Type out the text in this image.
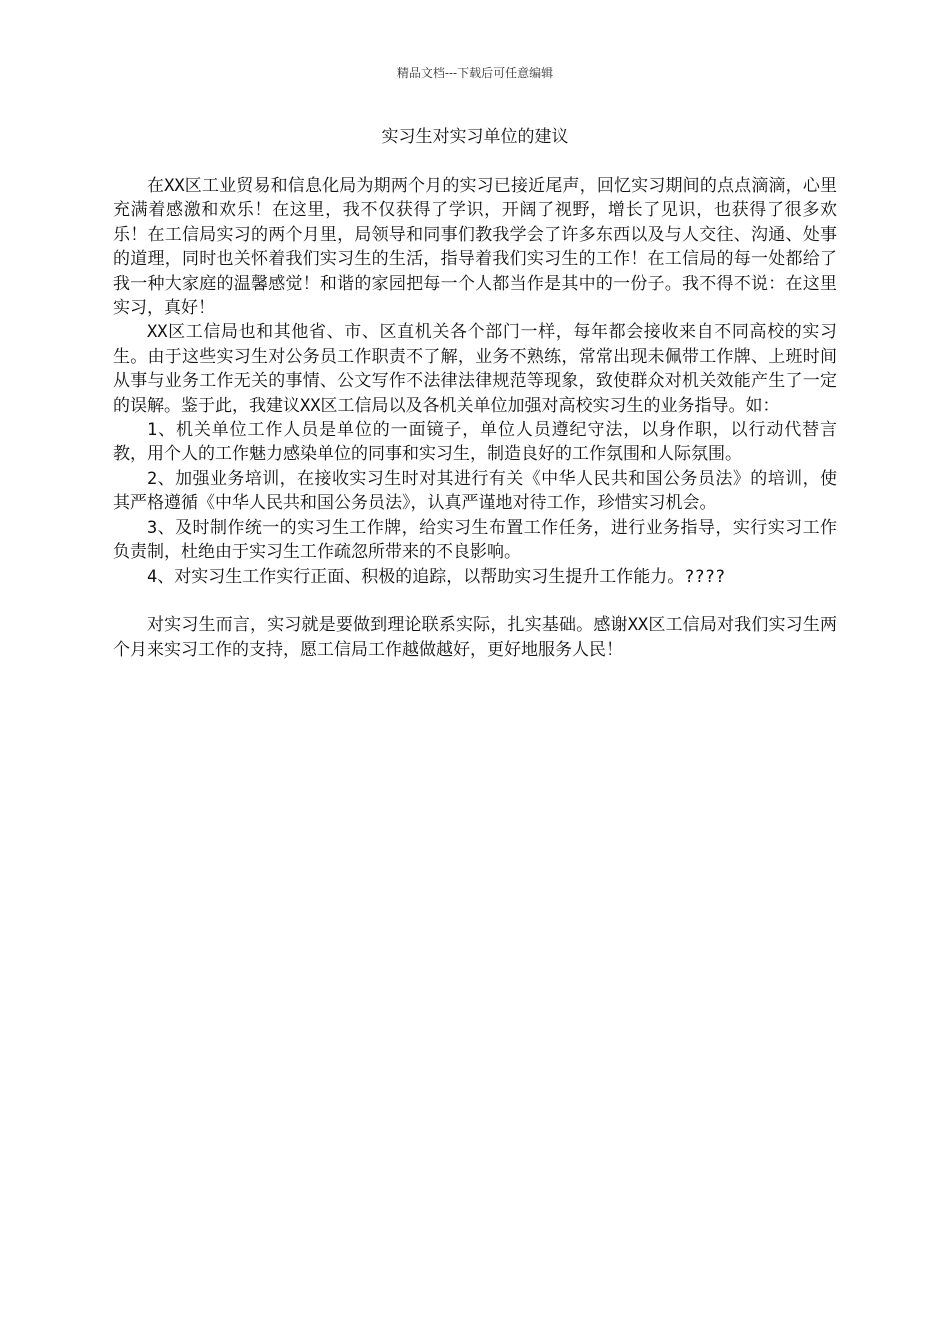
精品文档---下载后可任意编辑
实习生对实习单位的建议

在XX区工业贸易和信息化局为期两个月的实习已接近尾声，回忆实习期间的点点滴滴，心里充满着感激和欢乐！在这里，我不仅获得了学识，开阔了视野，增长了见识，也获得了很多欢乐！在工信局实习的两个月里，局领导和同事们教我学会了许多东西以及与人交往、沟通、处事的道理，同时也关怀着我们实习生的生活，指导着我们实习生的工作！在工信局的每一处都给了我一种大家庭的温馨感觉！和谐的家园把每一个人都当作是其中的一份子。我不得不说：在这里实习，真好！

XX区工信局也和其他省、市、区直机关各个部门一样，每年都会接收来自不同高校的实习生。由于这些实习生对公务员工作职责不了解，业务不熟练，常常出现未佩带工作牌、上班时间从事与业务工作无关的事情、公文写作不法律法律规范等现象，致使群众对机关效能产生了一定的误解。鉴于此，我建议XX区工信局以及各机关单位加强对高校实习生的业务指导。如：

1、机关单位工作人员是单位的一面镜子，单位人员遵纪守法，以身作职，以行动代替言教，用个人的工作魅力感染单位的同事和实习生，制造良好的工作氛围和人际氛围。

2、加强业务培训，在接收实习生时对其进行有关《中华人民共和国公务员法》的培训，使其严格遵循《中华人民共和国公务员法》，认真严谨地对待工作，珍惜实习机会。

3、及时制作统一的实习生工作牌，给实习生布置工作任务，进行业务指导，实行实习工作负责制，杜绝由于实习生工作疏忽所带来的不良影响。

4、对实习生工作实行正面、积极的追踪，以帮助实习生提升工作能力。????

对实习生而言，实习就是要做到理论联系实际，扎实基础。感谢XX区工信局对我们实习生两个月来实习工作的支持，愿工信局工作越做越好，更好地服务人民！
